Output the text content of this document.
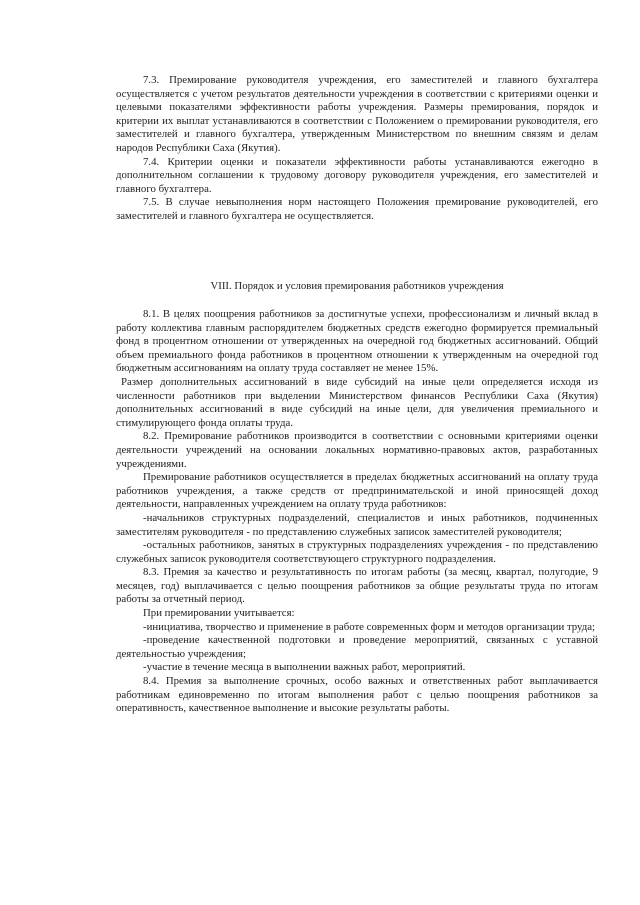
7.3. Премирование руководителя учреждения, его заместителей и главного бухгалтера осуществляется с учетом результатов деятельности учреждения в соответствии с критериями оценки и целевыми показателями эффективности работы учреждения. Размеры премирования, порядок и критерии их выплат устанавливаются в соответствии с Положением о премировании руководителя, его заместителей и главного бухгалтера, утвержденным Министерством по внешним связям и делам народов Республики Саха (Якутия).

7.4. Критерии оценки и показатели эффективности работы устанавливаются ежегодно в дополнительном соглашении к трудовому договору руководителя учреждения, его заместителей и главного бухгалтера.

7.5. В случае невыполнения норм настоящего Положения премирование руководителей, его заместителей и главного бухгалтера не осуществляется.

VIII. Порядок и условия премирования работников учреждения

8.1. В целях поощрения работников за достигнутые успехи, профессионализм и личный вклад в работу коллектива главным распорядителем бюджетных средств ежегодно формируется премиальный фонд в процентном отношении от утвержденных на очередной год бюджетных ассигнований. Общий объем премиального фонда работников в процентном отношении к утвержденным на очередной год бюджетным ассигнованиям на оплату труда составляет не менее 15%.

Размер дополнительных ассигнований в виде субсидий на иные цели определяется исходя из численности работников при выделении Министерством финансов Республики Саха (Якутия) дополнительных ассигнований в виде субсидий на иные цели, для увеличения премиального и стимулирующего фонда оплаты труда.

8.2. Премирование работников производится в соответствии с основными критериями оценки деятельности учреждений на основании локальных нормативно-правовых актов, разработанных учреждениями.

Премирование работников осуществляется в пределах бюджетных ассигнований на оплату труда работников учреждения, а также средств от предпринимательской и иной приносящей доход деятельности, направленных учреждением на оплату труда работников:

-начальников структурных подразделений, специалистов и иных работников, подчиненных заместителям руководителя - по представлению служебных записок заместителей руководителя;

-остальных работников, занятых в структурных подразделениях учреждения - по представлению служебных записок руководителя соответствующего структурного подразделения.

8.3. Премия за качество и результативность по итогам работы (за месяц, квартал, полугодие, 9 месяцев, год) выплачивается с целью поощрения работников за общие результаты труда по итогам работы за отчетный период.

При премировании учитывается:

-инициатива, творчество и применение в работе современных форм и методов организации труда;

-проведение качественной подготовки и проведение мероприятий, связанных с уставной деятельностью учреждения;

-участие в течение месяца в выполнении важных работ, мероприятий.

8.4. Премия за выполнение срочных, особо важных и ответственных работ выплачивается работникам единовременно по итогам выполнения работ с целью поощрения работников за оперативность, качественное выполнение и высокие результаты работы.
